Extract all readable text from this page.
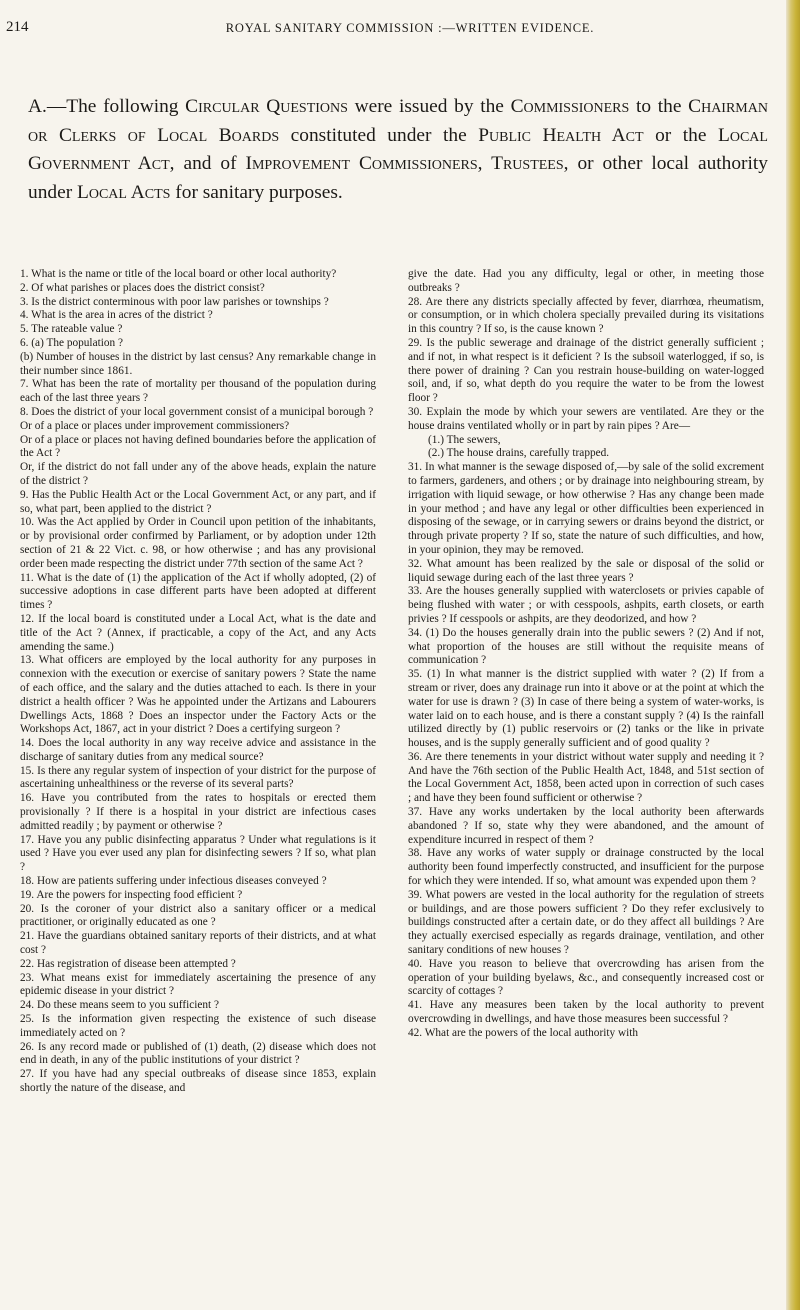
214	ROYAL SANITARY COMMISSION :—WRITTEN EVIDENCE.
A.—The following Circular Questions were issued by the Commissioners to the Chairman or Clerks of Local Boards constituted under the Public Health Act or the Local Government Act, and of Improvement Commissioners, Trustees, or other local authority under Local Acts for sanitary purposes.

1. What is the name or title of the local board or other local authority?

2. Of what parishes or places does the district consist?

3. Is the district conterminous with poor law parishes or townships ?

4. What is the area in acres of the district ?

5. The rateable value ?

6. (a) The population ?

(b) Number of houses in the district by last census? Any remarkable change in their number since 1861.

7. What has been the rate of mortality per thousand of the population during each of the last three years ?

8. Does the district of your local government consist of a municipal borough ?

Or of a place or places under improvement commissioners?

Or of a place or places not having defined boundaries before the application of the Act ?

Or, if the district do not fall under any of the above heads, explain the nature of the district ?

9. Has the Public Health Act or the Local Government Act, or any part, and if so, what part, been applied to the district ?

10. Was the Act applied by Order in Council upon petition of the inhabitants, or by provisional order confirmed by Parliament, or by adoption under 12th section of 21 & 22 Vict. c. 98, or how otherwise ; and has any provisional order been made respecting the district under 77th section of the same Act ?

11. What is the date of (1) the application of the Act if wholly adopted, (2) of successive adoptions in case different parts have been adopted at different times ?

12. If the local board is constituted under a Local Act, what is the date and title of the Act ? (Annex, if practicable, a copy of the Act, and any Acts amending the same.)

13. What officers are employed by the local authority for any purposes in connexion with the execution or exercise of sanitary powers ? State the name of each office, and the salary and the duties attached to each. Is there in your district a health officer ? Was he appointed under the Artizans and Labourers Dwellings Acts, 1868 ? Does an inspector under the Factory Acts or the Workshops Act, 1867, act in your district ? Does a certifying surgeon ?

14. Does the local authority in any way receive advice and assistance in the discharge of sanitary duties from any medical source?

15. Is there any regular system of inspection of your district for the purpose of ascertaining unhealthiness or the reverse of its several parts?

16. Have you contributed from the rates to hospitals or erected them provisionally ? If there is a hospital in your district are infectious cases admitted readily ; by payment or otherwise ?

17. Have you any public disinfecting apparatus ? Under what regulations is it used ? Have you ever used any plan for disinfecting sewers ? If so, what plan ?

18. How are patients suffering under infectious diseases conveyed ?

19. Are the powers for inspecting food efficient ?

20. Is the coroner of your district also a sanitary officer or a medical practitioner, or originally educated as one ?

21. Have the guardians obtained sanitary reports of their districts, and at what cost ?

22. Has registration of disease been attempted ?

23. What means exist for immediately ascertaining the presence of any epidemic disease in your district ?

24. Do these means seem to you sufficient ?

25. Is the information given respecting the existence of such disease immediately acted on ?

26. Is any record made or published of (1) death, (2) disease which does not end in death, in any of the public institutions of your district ?

27. If you have had any special outbreaks of disease since 1853, explain shortly the nature of the disease, and

give the date. Had you any difficulty, legal or other, in meeting those outbreaks ?

28. Are there any districts specially affected by fever, diarrhœa, rheumatism, or consumption, or in which cholera specially prevailed during its visitations in this country ? If so, is the cause known ?

29. Is the public sewerage and drainage of the district generally sufficient ; and if not, in what respect is it deficient ? Is the subsoil waterlogged, if so, is there power of draining ? Can you restrain house-building on water-logged soil, and, if so, what depth do you require the water to be from the lowest floor ?

30. Explain the mode by which your sewers are ventilated. Are they or the house drains ventilated wholly or in part by rain pipes ? Are—

(1.) The sewers,

(2.) The house drains, carefully trapped.

31. In what manner is the sewage disposed of,—by sale of the solid excrement to farmers, gardeners, and others ; or by drainage into neighbouring stream, by irrigation with liquid sewage, or how otherwise ? Has any change been made in your method ; and have any legal or other difficulties been experienced in disposing of the sewage, or in carrying sewers or drains beyond the district, or through private property ? If so, state the nature of such difficulties, and how, in your opinion, they may be removed.

32. What amount has been realized by the sale or disposal of the solid or liquid sewage during each of the last three years ?

33. Are the houses generally supplied with waterclosets or privies capable of being flushed with water ; or with cesspools, ashpits, earth closets, or earth privies ? If cesspools or ashpits, are they deodorized, and how ?

34. (1) Do the houses generally drain into the public sewers ? (2) And if not, what proportion of the houses are still without the requisite means of communication ?

35. (1) In what manner is the district supplied with water ? (2) If from a stream or river, does any drainage run into it above or at the point at which the water for use is drawn ? (3) In case of there being a system of water-works, is water laid on to each house, and is there a constant supply ? (4) Is the rainfall utilized directly by (1) public reservoirs or (2) tanks or the like in private houses, and is the supply generally sufficient and of good quality ?

36. Are there tenements in your district without water supply and needing it ? And have the 76th section of the Public Health Act, 1848, and 51st section of the Local Government Act, 1858, been acted upon in correction of such cases ; and have they been found sufficient or otherwise ?

37. Have any works undertaken by the local authority been afterwards abandoned ? If so, state why they were abandoned, and the amount of expenditure incurred in respect of them ?

38. Have any works of water supply or drainage constructed by the local authority been found imperfectly constructed, and insufficient for the purpose for which they were intended. If so, what amount was expended upon them ?

39. What powers are vested in the local authority for the regulation of streets or buildings, and are those powers sufficient ? Do they refer exclusively to buildings constructed after a certain date, or do they affect all buildings ? Are they actually exercised especially as regards drainage, ventilation, and other sanitary conditions of new houses ?

40. Have you reason to believe that overcrowding has arisen from the operation of your building byelaws, &c., and consequently increased cost or scarcity of cottages ?

41. Have any measures been taken by the local authority to prevent overcrowding in dwellings, and have those measures been successful ?

42. What are the powers of the local authority with
